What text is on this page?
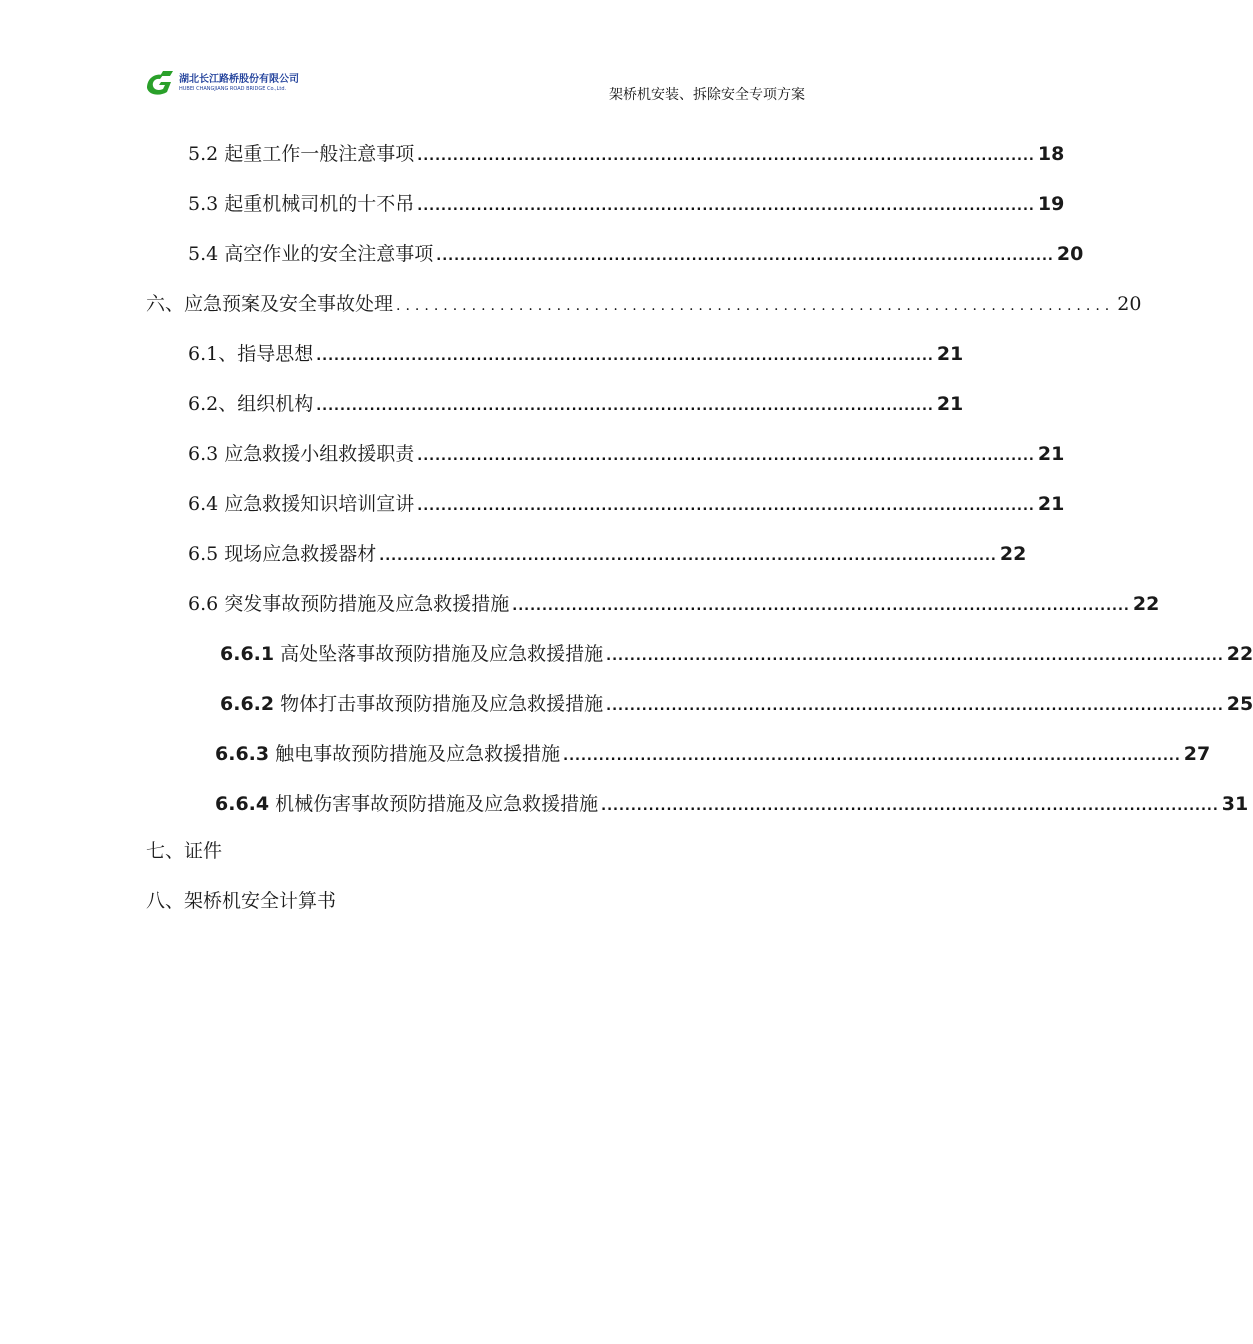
湖北长江路桥股份有限公司
HUBEI CHANGJIANG ROAD BRIDGE Co.,Ltd.	架桥机安装、拆除安全专项方案
5.2 起重工作一般注意事项 ........................................................................................................ 18
5.3 起重机械司机的十不吊 ........................................................................................................ 19
5.4 高空作业的安全注意事项 ........................................................................................................ 20
六、应急预案及安全事故处理 ............................................................................ 20
6.1、指导思想 ........................................................................................................ 21
6.2、组织机构 ........................................................................................................ 21
6.3 应急救援小组救援职责 ........................................................................................................ 21
6.4 应急救援知识培训宣讲 ........................................................................................................ 21
6.5 现场应急救援器材 ........................................................................................................ 22
6.6 突发事故预防措施及应急救援措施 ........................................................................................................ 22
6.6.1 高处坠落事故预防措施及应急救援措施 ........................................................................................................ 22
6.6.2 物体打击事故预防措施及应急救援措施 ........................................................................................................ 25
6.6.3 触电事故预防措施及应急救援措施 ........................................................................................................ 27
6.6.4 机械伤害事故预防措施及应急救援措施 ........................................................................................................ 31
七、证件
八、架桥机安全计算书
